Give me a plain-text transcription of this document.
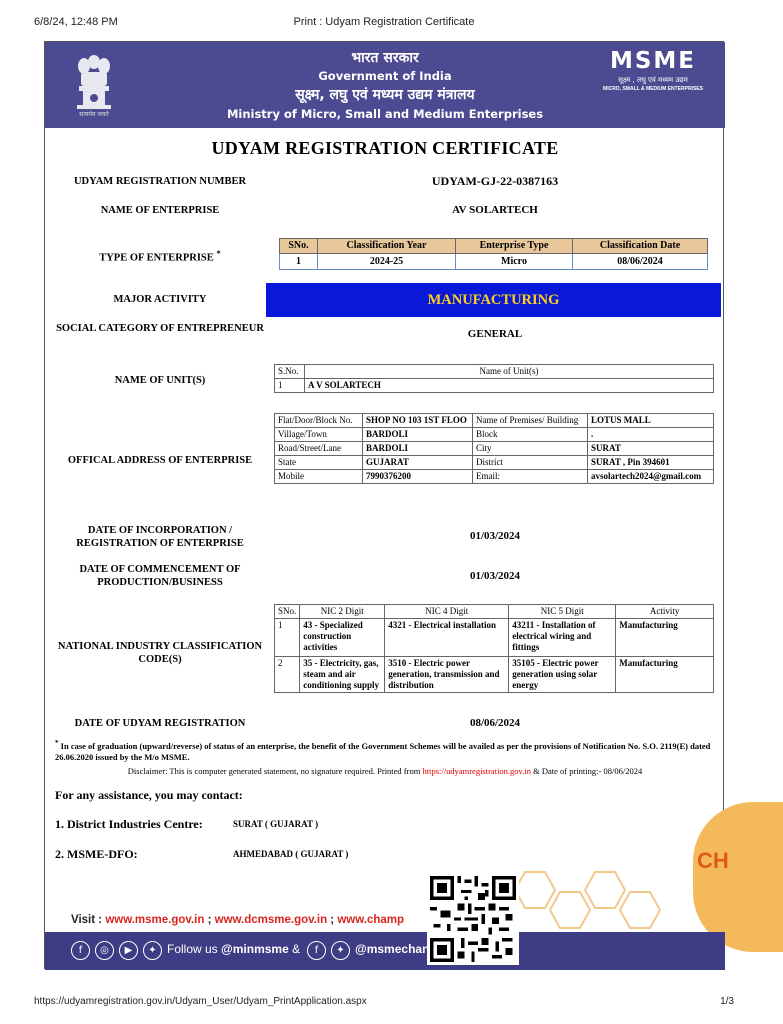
6/8/24, 12:48 PM	Print : Udyam Registration Certificate
सत्यमेव जयते
भारत सरकार
Government of India
सूक्ष्म, लघु एवं मध्यम उद्यम मंत्रालय
Ministry of Micro, Small and Medium Enterprises
MSME
सूक्ष्म , लघु एवं मध्यम उद्यम
MICRO, SMALL & MEDIUM ENTERPRISES
UDYAM REGISTRATION CERTIFICATE
UDYAM REGISTRATION NUMBER	UDYAM-GJ-22-0387163
NAME OF ENTERPRISE	AV SOLARTECH
TYPE OF ENTERPRISE *
SNo.	Classification Year	Enterprise Type	Classification Date
1	2024-25	Micro	08/06/2024
MAJOR ACTIVITY	MANUFACTURING
SOCIAL CATEGORY OF ENTREPRENEUR	GENERAL
NAME OF UNIT(S)
S.No.	Name of Unit(s)
1	A V SOLARTECH
OFFICAL ADDRESS OF ENTERPRISE
Flat/Door/Block No.	SHOP NO 103 1ST FLOO	Name of Premises/ Building	LOTUS MALL
Village/Town	BARDOLI	Block	.
Road/Street/Lane	BARDOLI	City	SURAT
State	GUJARAT	District	SURAT , Pin 394601
Mobile	7990376200	Email:	avsolartech2024@gmail.com
DATE OF INCORPORATION / REGISTRATION OF ENTERPRISE
01/03/2024
DATE OF COMMENCEMENT OF PRODUCTION/BUSINESS
01/03/2024
NATIONAL INDUSTRY CLASSIFICATION CODE(S)
SNo.	NIC 2 Digit	NIC 4 Digit	NIC 5 Digit	Activity
1	43 - Specialized construction activities	4321 - Electrical installation	43211 - Installation of electrical wiring and fittings	Manufacturing
2	35 - Electricity, gas, steam and air conditioning supply	3510 - Electric power generation, transmission and distribution	35105 - Electric power generation using solar energy	Manufacturing
DATE OF UDYAM REGISTRATION	08/06/2024
* In case of graduation (upward/reverse) of status of an enterprise, the benefit of the Government Schemes will be availed as per the provisions of Notification No. S.O. 2119(E) dated 26.06.2020 issued by the M/o MSME.
Disclaimer: This is computer generated statement, no signature required. Printed from https://udyamregistration.gov.in & Date of printing:- 08/06/2024
For any assistance, you may contact:
1. District Industries Centre:	SURAT ( GUJARAT )
2. MSME-DFO:	AHMEDABAD ( GUJARAT )	CH
Visit : www.msme.gov.in ; www.dcmsme.gov.in ; www.champ
f	◎	▶	✦ Follow us @minmsme &	f	✦ @msmechan
https://udyamregistration.gov.in/Udyam_User/Udyam_PrintApplication.aspx	1/3
